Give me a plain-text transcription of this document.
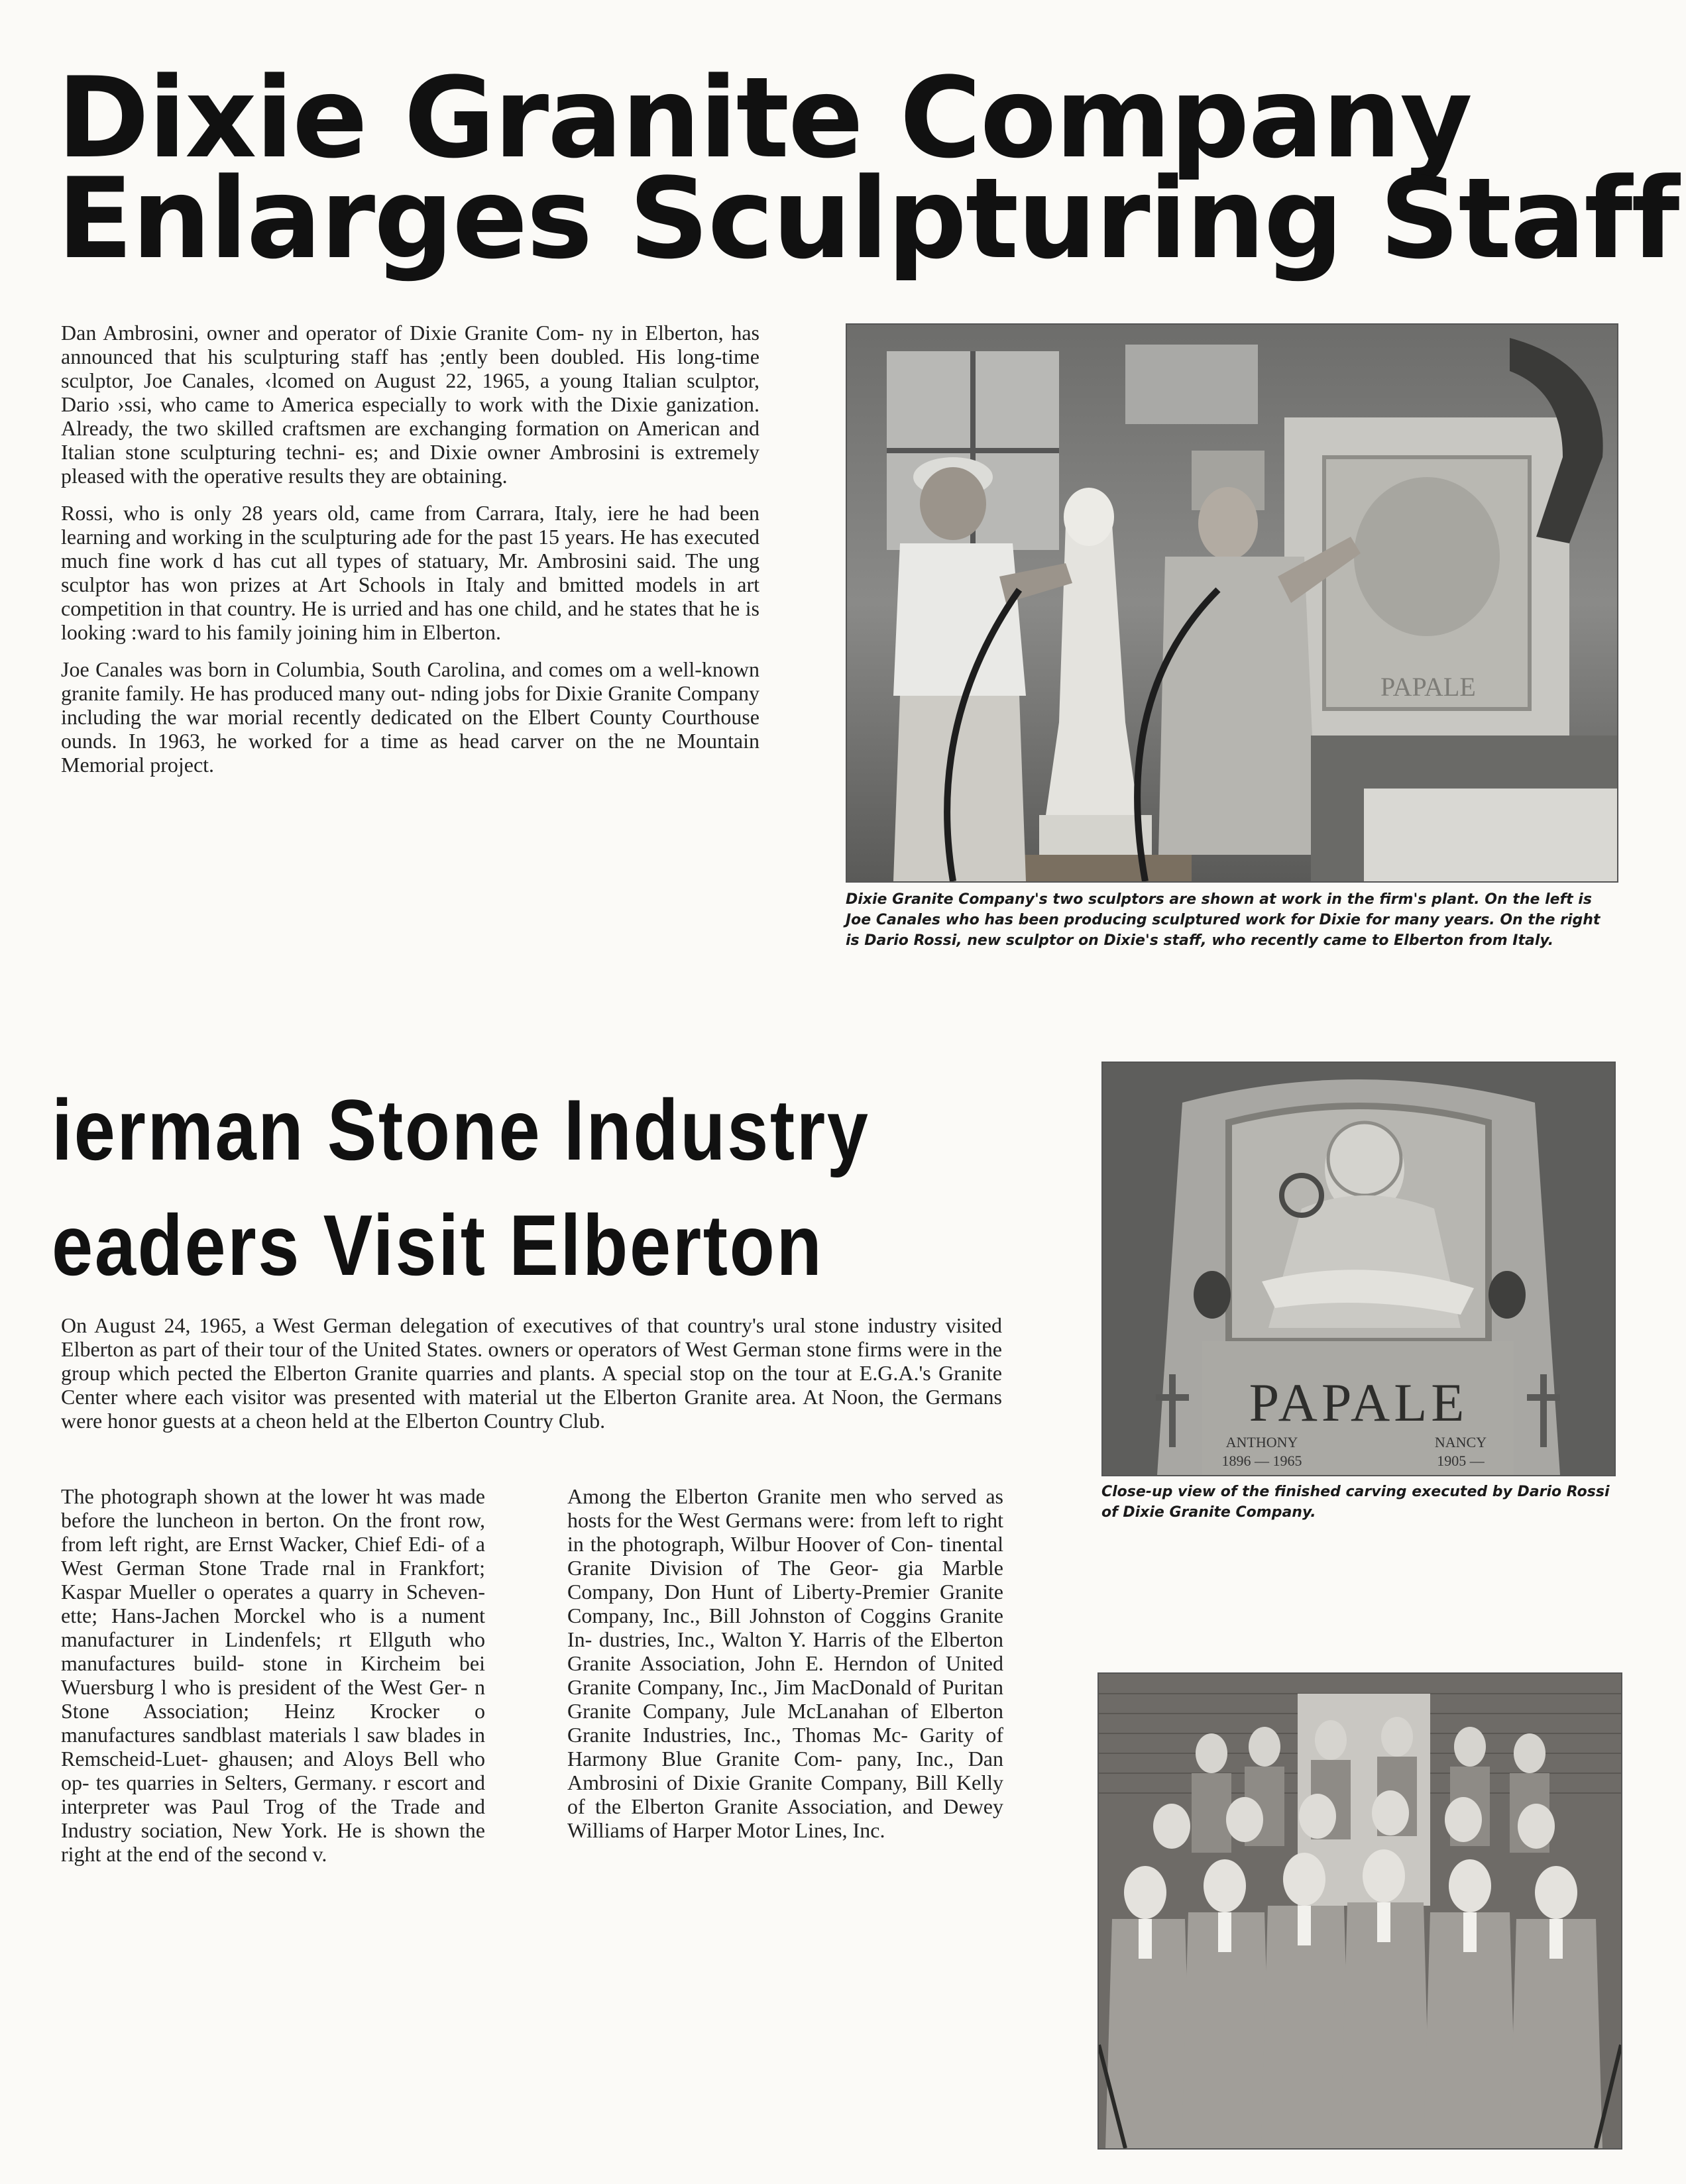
Dixie Granite Company
Enlarges Sculpturing Staff

Dan Ambrosini, owner and operator of Dixie Granite Com- ny in Elberton, has announced that his sculpturing staff has ;ently been doubled. His long-time sculptor, Joe Canales, ‹lcomed on August 22, 1965, a young Italian sculptor, Dario ›ssi, who came to America especially to work with the Dixie ganization. Already, the two skilled craftsmen are exchanging formation on American and Italian stone sculpturing techni- es; and Dixie owner Ambrosini is extremely pleased with the operative results they are obtaining.

Rossi, who is only 28 years old, came from Carrara, Italy, iere he had been learning and working in the sculpturing ade for the past 15 years. He has executed much fine work d has cut all types of statuary, Mr. Ambrosini said. The ung sculptor has won prizes at Art Schools in Italy and bmitted models in art competition in that country. He is urried and has one child, and he states that he is looking :ward to his family joining him in Elberton.

Joe Canales was born in Columbia, South Carolina, and comes om a well-known granite family. He has produced many out- nding jobs for Dixie Granite Company including the war morial recently dedicated on the Elbert County Courthouse ounds. In 1963, he worked for a time as head carver on the ne Mountain Memorial project.

PAPALE
Dixie Granite Company's two sculptors are shown at work in the firm's plant. On the left is Joe Canales who has been producing sculptured work for Dixie for many years. On the right is Dario Rossi, new sculptor on Dixie's staff, who recently came to Elberton from Italy.
ierman Stone Industry
eaders Visit Elberton
On August 24, 1965, a West German delegation of executives of that country's ural stone industry visited Elberton as part of their tour of the United States. owners or operators of West German stone firms were in the group which pected the Elberton Granite quarries and plants. A special stop on the tour at E.G.A.'s Granite Center where each visitor was presented with material ut the Elberton Granite area. At Noon, the Germans were honor guests at a cheon held at the Elberton Country Club.
The photograph shown at the lower ht was made before the luncheon in berton. On the front row, from left right, are Ernst Wacker, Chief Edi- of a West German Stone Trade rnal in Frankfort; Kaspar Mueller o operates a quarry in Scheven- ette; Hans-Jachen Morckel who is a nument manufacturer in Lindenfels; rt Ellguth who manufactures build- stone in Kircheim bei Wuersburg l who is president of the West Ger- n Stone Association; Heinz Krocker o manufactures sandblast materials l saw blades in Remscheid-Luet- ghausen; and Aloys Bell who op- tes quarries in Selters, Germany. r escort and interpreter was Paul Trog of the Trade and Industry sociation, New York. He is shown the right at the end of the second v.
Among the Elberton Granite men who served as hosts for the West Germans were: from left to right in the photograph, Wilbur Hoover of Con- tinental Granite Division of The Geor- gia Marble Company, Don Hunt of Liberty-Premier Granite Company, Inc., Bill Johnston of Coggins Granite In- dustries, Inc., Walton Y. Harris of the Elberton Granite Association, John E. Herndon of United Granite Company, Inc., Jim MacDonald of Puritan Granite Company, Jule McLanahan of Elberton Granite Industries, Inc., Thomas Mc- Garity of Harmony Blue Granite Com- pany, Inc., Dan Ambrosini of Dixie Granite Company, Bill Kelly of the Elberton Granite Association, and Dewey Williams of Harper Motor Lines, Inc.
PAPALE
ANTHONY
1896 — 1965
NANCY
1905 —
Close-up view of the finished carving executed by Dario Rossi of Dixie Granite Company.
